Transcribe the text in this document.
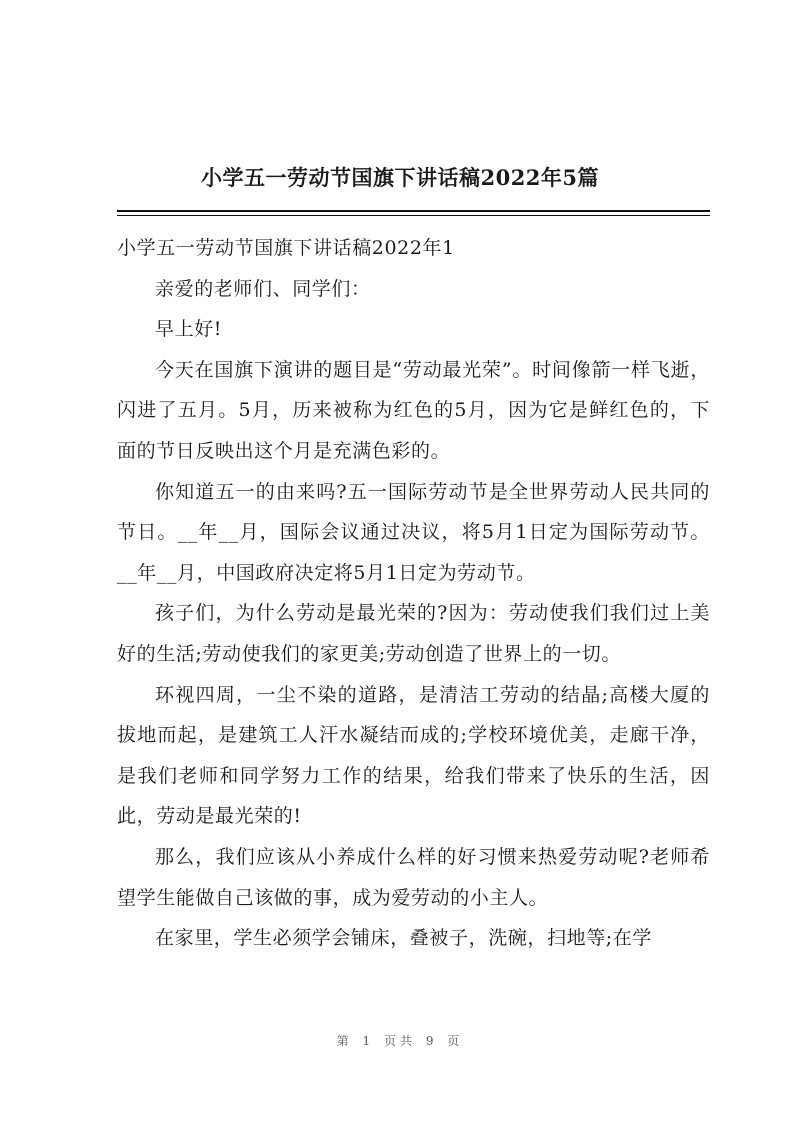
小学五一劳动节国旗下讲话稿2022年5篇

小学五一劳动节国旗下讲话稿2022年1

亲爱的老师们、同学们：

早上好!

今天在国旗下演讲的题目是“劳动最光荣”。时间像箭一样飞逝，闪进了五月。5月，历来被称为红色的5月，因为它是鲜红色的，下面的节日反映出这个月是充满色彩的。

你知道五一的由来吗?五一国际劳动节是全世界劳动人民共同的节日。__年__月，国际会议通过决议，将5月1日定为国际劳动节。__年__月，中国政府决定将5月1日定为劳动节。

孩子们，为什么劳动是最光荣的?因为：劳动使我们我们过上美好的生活;劳动使我们的家更美;劳动创造了世界上的一切。

环视四周，一尘不染的道路，是清洁工劳动的结晶;高楼大厦的拔地而起，是建筑工人汗水凝结而成的;学校环境优美，走廊干净，是我们老师和同学努力工作的结果，给我们带来了快乐的生活，因此，劳动是最光荣的!

那么，我们应该从小养成什么样的好习惯来热爱劳动呢?老师希望学生能做自己该做的事，成为爱劳动的小主人。

在家里，学生必须学会铺床，叠被子，洗碗，扫地等;在学

第 1 页共 9 页
